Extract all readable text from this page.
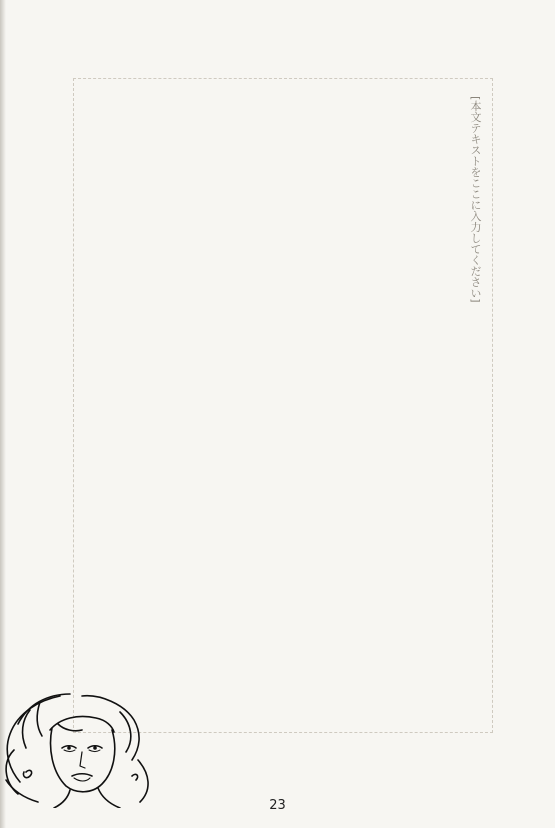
[本文テキストをここに入力してください]

23
